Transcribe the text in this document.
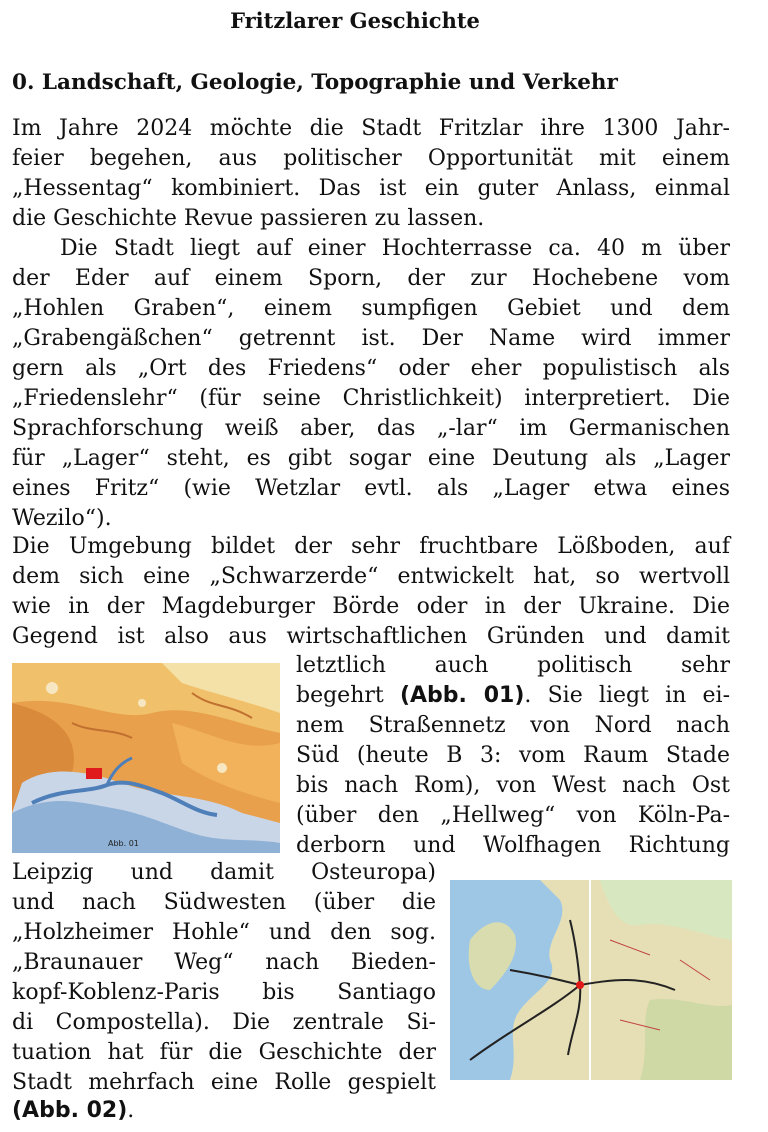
Fritzlarer Geschichte
0. Landschaft, Geologie, Topographie und Verkehr

Im Jahre 2024 möchte die Stadt Fritzlar ihre 1300 Jahr-

feier begehen, aus politischer Opportunität mit einem

„Hessentag“ kombiniert. Das ist ein guter Anlass, einmal

die Geschichte Revue passieren zu lassen.

Die Stadt liegt auf einer Hochterrasse ca. 40 m über

der Eder auf einem Sporn, der zur Hochebene vom

„Hohlen Graben“, einem sumpfigen Gebiet und dem

„Grabengäßchen“ getrennt ist. Der Name wird immer

gern als „Ort des Friedens“ oder eher populistisch als

„Friedenslehr“ (für seine Christlichkeit) interpretiert. Die

Sprachforschung weiß aber, das „-lar“ im Germanischen

für „Lager“ steht, es gibt sogar eine Deutung als „Lager

eines Fritz“ (wie Wetzlar evtl. als „Lager etwa eines

Wezilo“).

Die Umgebung bildet der sehr fruchtbare Lößboden, auf

dem sich eine „Schwarzerde“ entwickelt hat, so wertvoll

wie in der Magdeburger Börde oder in der Ukraine. Die

Gegend ist also aus wirtschaftlichen Gründen und damit

letztlich auch politisch sehr

begehrt (Abb. 01). Sie liegt in ei-

nem Straßennetz von Nord nach

Süd (heute B 3: vom Raum Stade

bis nach Rom), von West nach Ost

(über den „Hellweg“ von Köln-Pa-

derborn und Wolfhagen Richtung

Leipzig und damit Osteuropa)

und nach Südwesten (über die

„Holzheimer Hohle“ und den sog.

„Braunauer Weg“ nach Bieden-

kopf-Koblenz-Paris bis Santiago

di Compostella). Die zentrale Si-

tuation hat für die Geschichte der

Stadt mehrfach eine Rolle gespielt

(Abb. 02).

Abb. 01
